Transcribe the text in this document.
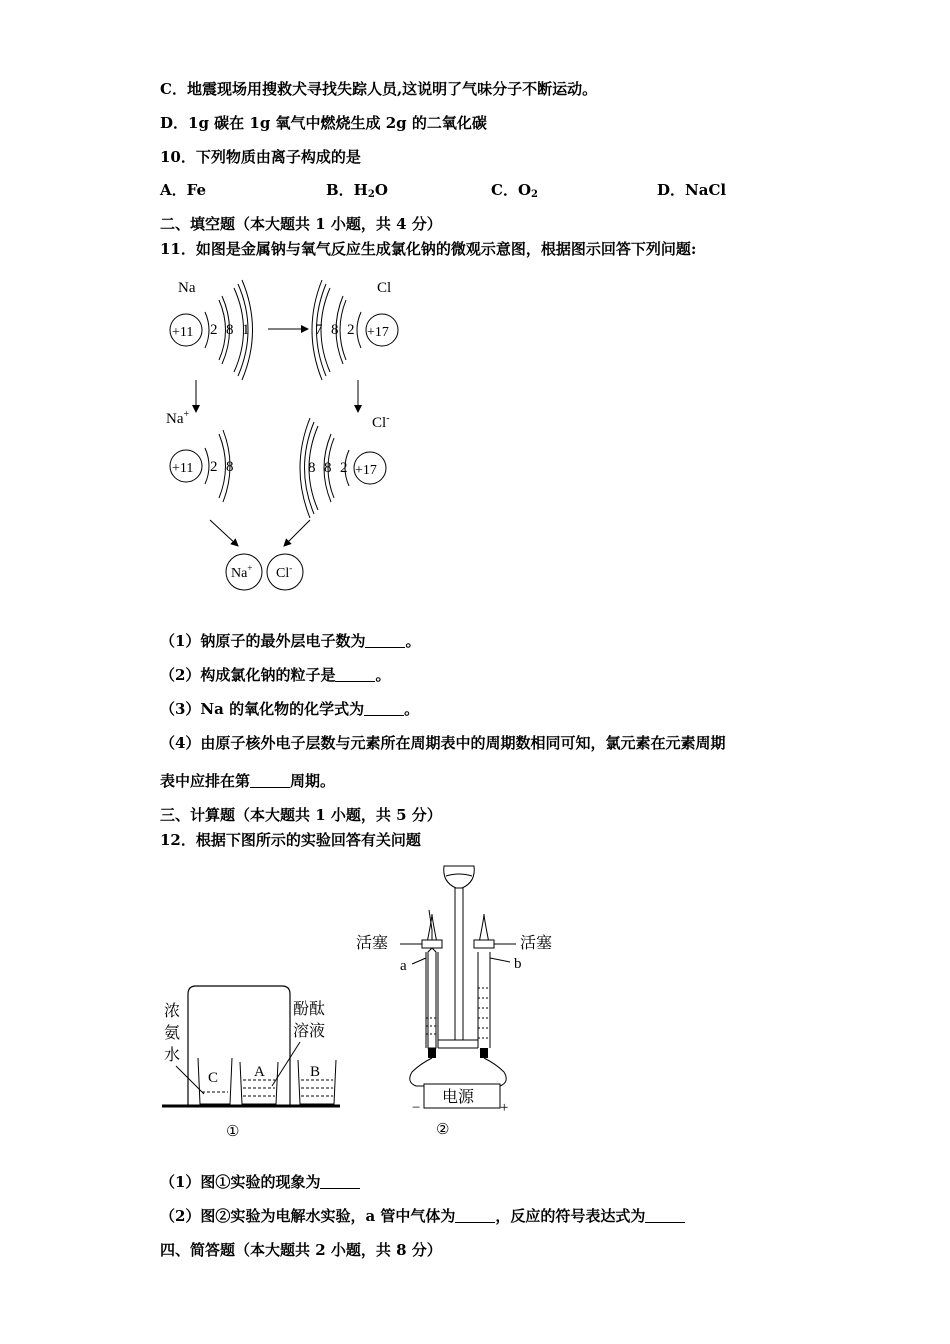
C．地震现场用搜救犬寻找失踪人员,这说明了气味分子不断运动。
D．1g 碳在 1g 氧气中燃烧生成 2g 的二氧化碳
10．下列物质由离子构成的是
A．Fe	B．$H_2O$	C．$O_2$	D．NaCl
二、填空题（本大题共 1 小题，共 4 分）
11．如图是金属钠与氧气反应生成氯化钠的微观示意图，根据图示回答下列问题:
Na
+11 2 8 1
Cl
+17
7 8 2
Na+
+11 2 8
Cl-
+17
8 8 2
Na+ Cl-
（1）钠原子的最外层电子数为	。
（2）构成氯化钠的粒子是	。
（3）Na 的氧化物的化学式为	。
（4）由原子核外电子层数与元素所在周期表中的周期数相同可知，氯元素在元素周期
表中应排在第	周期。
三、计算题（本大题共 1 小题，共 5 分）
12．根据下图所示的实验回答有关问题
C A	B
浓
氨
水
酚酞
溶液
①
活塞	活塞
a	b
电源
−	+
②
（1）图①实验的现象为
（2）图②实验为电解水实验，a 管中气体为	，反应的符号表达式为
四、简答题（本大题共 2 小题，共 8 分）
